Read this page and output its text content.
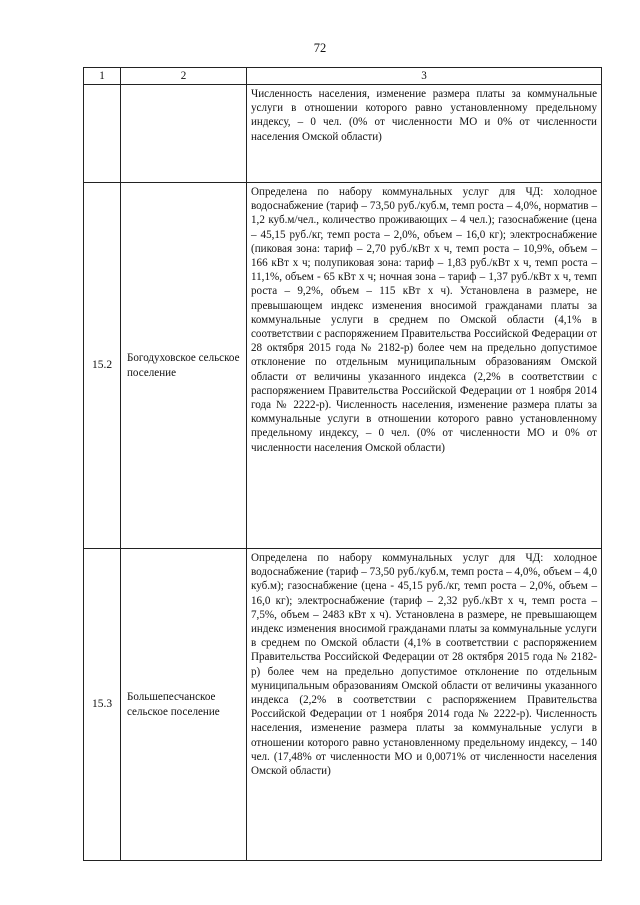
72
1	2	3

		Численность населения, изменение размера платы за коммунальные услуги в отношении которого равно установленному предельному индексу, – 0 чел. (0% от численности МО и 0% от численности населения Омской области)

15.2	Богодуховское сельское поселение	Определена по набору коммунальных услуг для ЧД: холодное водоснабжение (тариф – 73,50 руб./куб.м, темп роста – 4,0%, норматив – 1,2 куб.м/чел., количество проживающих – 4 чел.); газоснабжение (цена – 45,15 руб./кг, темп роста – 2,0%, объем – 16,0 кг); электроснабжение (пиковая зона: тариф – 2,70 руб./кВт х ч, темп роста – 10,9%, объем – 166 кВт х ч; полупиковая зона: тариф – 1,83 руб./кВт х ч, темп роста – 11,1%, объем - 65 кВт х ч; ночная зона – тариф – 1,37 руб./кВт х ч, темп роста – 9,2%, объем – 115 кВт х ч). Установлена в размере, не превышающем индекс изменения вносимой гражданами платы за коммунальные услуги в среднем по Омской области (4,1% в соответствии с распоряжением Правительства Российской Федерации от 28 октября 2015 года № 2182-р) более чем на предельно допустимое отклонение по отдельным муниципальным образованиям Омской области от величины указанного индекса (2,2% в соответствии с распоряжением Правительства Российской Федерации от 1 ноября 2014 года № 2222-р). Численность населения, изменение размера платы за коммунальные услуги в отношении которого равно установленному предельному индексу, – 0 чел. (0% от численности МО и 0% от численности населения Омской области)

15.3	Большепесчанское сельское поселение	Определена по набору коммунальных услуг для ЧД: холодное водоснабжение (тариф – 73,50 руб./куб.м, темп роста – 4,0%, объем – 4,0 куб.м); газоснабжение (цена - 45,15 руб./кг, темп роста – 2,0%, объем – 16,0 кг); электроснабжение (тариф – 2,32 руб./кВт х ч, темп роста – 7,5%, объем – 2483 кВт х ч). Установлена в размере, не превышающем индекс изменения вносимой гражданами платы за коммунальные услуги в среднем по Омской области (4,1% в соответствии с распоряжением Правительства Российской Федерации от 28 октября 2015 года № 2182-р) более чем на предельно допустимое отклонение по отдельным муниципальным образованиям Омской области от величины указанного индекса (2,2% в соответствии с распоряжением Правительства Российской Федерации от 1 ноября 2014 года № 2222-р). Численность населения, изменение размера платы за коммунальные услуги в отношении которого равно установленному предельному индексу, – 140 чел. (17,48% от численности МО и 0,0071% от численности населения Омской области)
